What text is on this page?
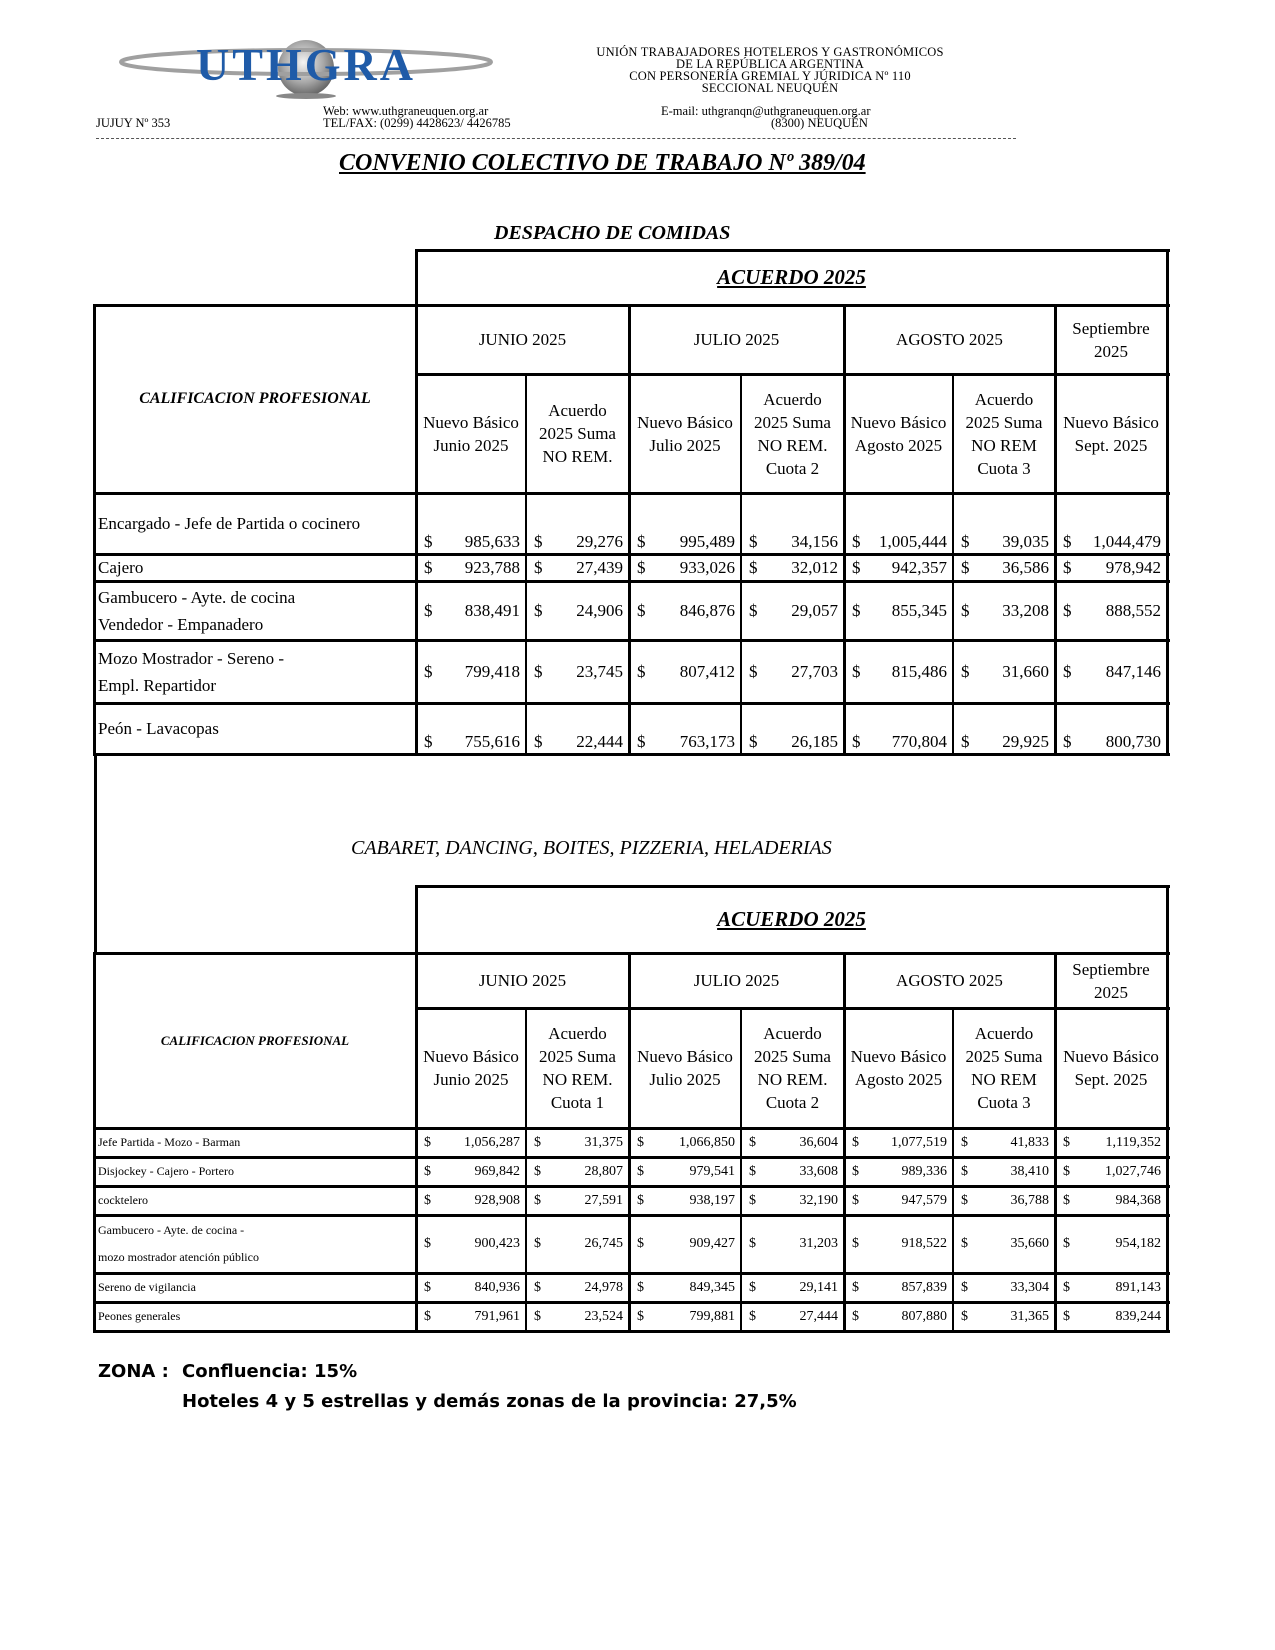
UTHGRA	UNIÓN TRABAJADORES HOTELEROS Y GASTRONÓMICOS
DE LA REPÚBLICA ARGENTINA
CON PERSONERÍA GREMIAL Y JÚRIDICA Nº 110
SECCIONAL NEUQUÉN
JUJUY Nº 353
Web: www.uthgraneuquen.org.ar
TEL/FAX: (0299) 4428623/ 4426785
E-mail: uthgranqn@uthgraneuquen.org.ar
(8300) NEUQUÉN
CONVENIO COLECTIVO DE TRABAJO Nº 389/04
DESPACHO DE COMIDAS
ACUERDO 2025
CALIFICACION PROFESIONAL
JUNIO 2025	JULIO 2025	AGOSTO 2025
Septiembre 2025
Nuevo Básico Junio 2025
Acuerdo 2025 Suma NO REM.
Nuevo Básico Julio 2025
Acuerdo 2025 Suma NO REM. Cuota 2
Nuevo Básico Agosto 2025
Acuerdo 2025 Suma NO REM Cuota 3
Nuevo Básico Sept. 2025
Encargado - Jefe de Partida o cocinero
$	985,633 $	29,276 $	995,489 $	34,156 $	1,005,444 $	39,035 $	1,044,479
Cajero	$	923,788 $	27,439 $	933,026 $	32,012 $	942,357 $	36,586 $	978,942
Gambucero - Ayte. de cocina
Vendedor - Empanadero
$	838,491 $	24,906 $	846,876 $	29,057 $	855,345 $	33,208 $	888,552
Mozo Mostrador - Sereno -
Empl. Repartidor
$	799,418 $	23,745 $	807,412 $	27,703 $	815,486 $	31,660 $	847,146
Peón - Lavacopas
$	755,616 $	22,444 $	763,173 $	26,185 $	770,804 $	29,925 $	800,730
CABARET, DANCING, BOITES, PIZZERIA, HELADERIAS
ACUERDO 2025
CALIFICACION PROFESIONAL
JUNIO 2025	JULIO 2025	AGOSTO 2025
Septiembre 2025
Nuevo Básico Junio 2025
Acuerdo 2025 Suma NO REM. Cuota 1
Nuevo Básico Julio 2025
Acuerdo 2025 Suma NO REM. Cuota 2
Nuevo Básico Agosto 2025
Acuerdo 2025 Suma NO REM Cuota 3
Nuevo Básico Sept. 2025
Jefe Partida - Mozo - Barman	$	1,056,287 $	31,375 $	1,066,850 $	36,604 $	1,077,519 $	41,833 $	1,119,352
Disjockey - Cajero - Portero	$	969,842 $	28,807 $	979,541 $	33,608 $	989,336 $	38,410 $	1,027,746
cocktelero	$	928,908 $	27,591 $	938,197 $	32,190 $	947,579 $	36,788 $	984,368
Gambucero - Ayte. de cocina -
mozo mostrador atención público
$	900,423 $	26,745 $	909,427 $	31,203 $	918,522 $	35,660 $	954,182
Sereno de vigilancia	$	840,936 $	24,978 $	849,345 $	29,141 $	857,839 $	33,304 $	891,143
Peones generales	$	791,961 $	23,524 $	799,881 $	27,444 $	807,880 $	31,365 $	839,244
ZONA : Confluencia: 15%
Hoteles 4 y 5 estrellas y demás zonas de la provincia: 27,5%
